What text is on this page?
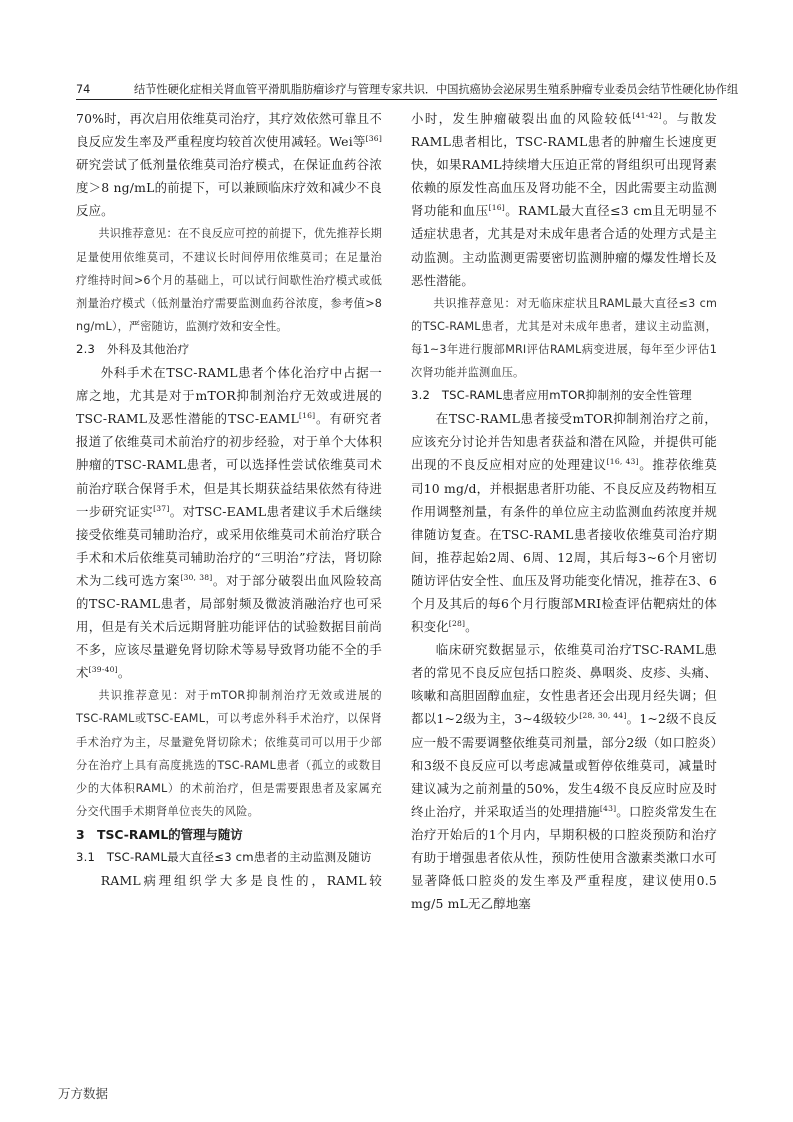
74	结节性硬化症相关肾血管平滑肌脂肪瘤诊疗与管理专家共识．中国抗癌协会泌尿男生殖系肿瘤专业委员会结节性硬化协作组

70%时，再次启用依维莫司治疗，其疗效依然可靠且不良反应发生率及严重程度均较首次使用减轻。Wei等[36]研究尝试了低剂量依维莫司治疗模式，在保证血药谷浓度＞8 ng/mL的前提下，可以兼顾临床疗效和减少不良反应。

共识推荐意见：在不良反应可控的前提下，优先推荐长期足量使用依维莫司，不建议长时间停用依维莫司；在足量治疗维持时间>6个月的基础上，可以试行间歇性治疗模式或低剂量治疗模式（低剂量治疗需要监测血药谷浓度，参考值>8 ng/mL），严密随访，监测疗效和安全性。

2.3　外科及其他治疗

外科手术在TSC-RAML患者个体化治疗中占据一席之地，尤其是对于mTOR抑制剂治疗无效或进展的TSC-RAML及恶性潜能的TSC-EAML[16]。有研究者报道了依维莫司术前治疗的初步经验，对于单个大体积肿瘤的TSC-RAML患者，可以选择性尝试依维莫司术前治疗联合保肾手术，但是其长期获益结果依然有待进一步研究证实[37]。对TSC-EAML患者建议手术后继续接受依维莫司辅助治疗，或采用依维莫司术前治疗联合手术和术后依维莫司辅助治疗的“三明治”疗法，肾切除术为二线可选方案[30, 38]。对于部分破裂出血风险较高的TSC-RAML患者，局部射频及微波消融治疗也可采用，但是有关术后远期肾脏功能评估的试验数据目前尚不多，应该尽量避免肾切除术等易导致肾功能不全的手术[39-40]。

共识推荐意见：对于mTOR抑制剂治疗无效或进展的TSC-RAML或TSC-EAML，可以考虑外科手术治疗，以保肾手术治疗为主，尽量避免肾切除术；依维莫司可以用于少部分在治疗上具有高度挑选的TSC-RAML患者（孤立的或数目少的大体积RAML）的术前治疗，但是需要跟患者及家属充分交代围手术期肾单位丧失的风险。

3　TSC-RAML的管理与随访
3.1　TSC-RAML最大直径≤3 cm患者的主动监测及随访

RAML病理组织学大多是良性的，RAML较

小时，发生肿瘤破裂出血的风险较低[41-42]。与散发RAML患者相比，TSC-RAML患者的肿瘤生长速度更快，如果RAML持续增大压迫正常的肾组织可出现肾素依赖的原发性高血压及肾功能不全，因此需要主动监测肾功能和血压[16]。RAML最大直径≤3 cm且无明显不适症状患者，尤其是对未成年患者合适的处理方式是主动监测。主动监测更需要密切监测肿瘤的爆发性增长及恶性潜能。

共识推荐意见：对无临床症状且RAML最大直径≤3 cm的TSC-RAML患者，尤其是对未成年患者，建议主动监测，每1~3年进行腹部MRI评估RAML病变进展，每年至少评估1次肾功能并监测血压。

3.2　TSC-RAML患者应用mTOR抑制剂的安全性管理

在TSC-RAML患者接受mTOR抑制剂治疗之前，应该充分讨论并告知患者获益和潜在风险，并提供可能出现的不良反应相对应的处理建议[16, 43]。推荐依维莫司10 mg/d，并根据患者肝功能、不良反应及药物相互作用调整剂量，有条件的单位应主动监测血药浓度并规律随访复查。在TSC-RAML患者接收依维莫司治疗期间，推荐起始2周、6周、12周，其后每3~6个月密切随访评估安全性、血压及肾功能变化情况，推荐在3、6个月及其后的每6个月行腹部MRI检查评估靶病灶的体积变化[28]。

临床研究数据显示，依维莫司治疗TSC-RAML患者的常见不良反应包括口腔炎、鼻咽炎、皮疹、头痛、咳嗽和高胆固醇血症，女性患者还会出现月经失调；但都以1~2级为主，3~4级较少[28, 30, 44]。1~2级不良反应一般不需要调整依维莫司剂量，部分2级（如口腔炎）和3级不良反应可以考虑减量或暂停依维莫司，减量时建议减为之前剂量的50%，发生4级不良反应时应及时终止治疗，并采取适当的处理措施[43]。口腔炎常发生在治疗开始后的1个月内，早期积极的口腔炎预防和治疗有助于增强患者依从性，预防性使用含激素类漱口水可显著降低口腔炎的发生率及严重程度，建议使用0.5 mg/5 mL无乙醇地塞

万方数据
